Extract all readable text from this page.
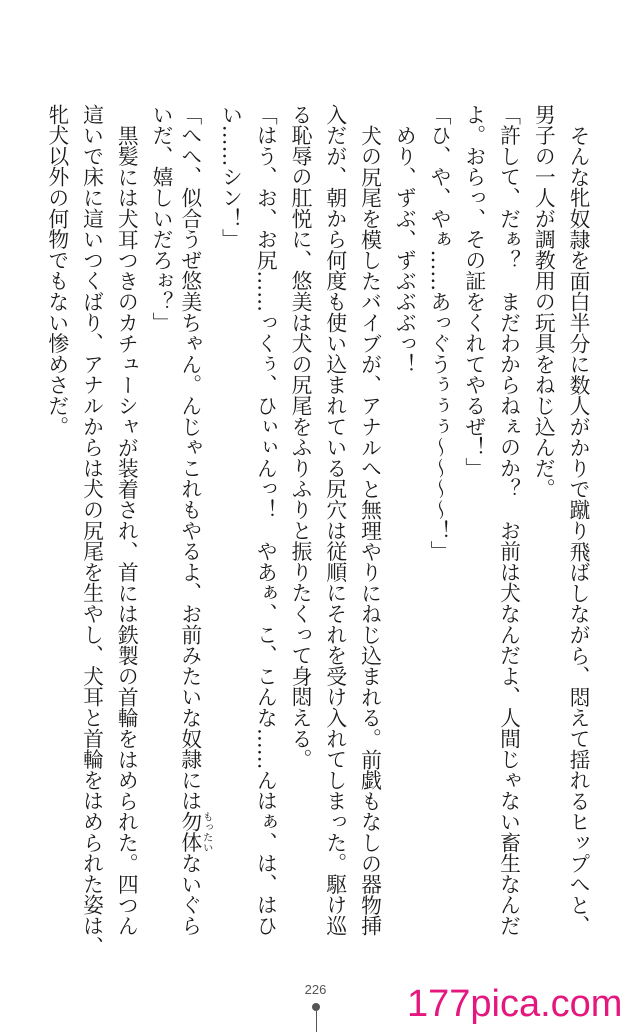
そんな牝奴隷を面白半分に数人がかりで蹴り飛ばしながら、悶えて揺れるヒップへと、
男子の一人が調教用の玩具をねじ込んだ。
「許して、だぁ？　まだわからねぇのか？　お前は犬なんだよ、人間じゃない畜生なんだ
よ。おらっ、その証をくれてやるぜ！」
「ひ、や、やぁ……あっぐうぅぅぅ〜〜〜〜！」
めり、ずぶ、ずぶぶぶっ！
犬の尻尾を模したバイブが、アナルへと無理やりにねじ込まれる。前戯もなしの器物挿
入だが、朝から何度も使い込まれている尻穴は従順にそれを受け入れてしまった。駆け巡
る恥辱の肛悦に、悠美は犬の尻尾をふりふりと振りたくって身悶える。
「はう、お、お尻……っくぅ、ひぃぃんっ！　やあぁ、こ、こんな……んはぁ、は、はひ
い……シン！」
「へへ、似合うぜ悠美ちゃん。んじゃこれもやるよ、お前みたいな奴隷には勿体 もったいないぐら
いだ、嬉しいだろぉ？」
黒髪には犬耳つきのカチューシャが装着され、首には鉄製の首輪をはめられた。四つん
這いで床に這いつくばり、アナルからは犬の尻尾を生やし、犬耳と首輪をはめられた姿は、
牝犬以外の何物でもない惨めさだ。
226	177pica.com
